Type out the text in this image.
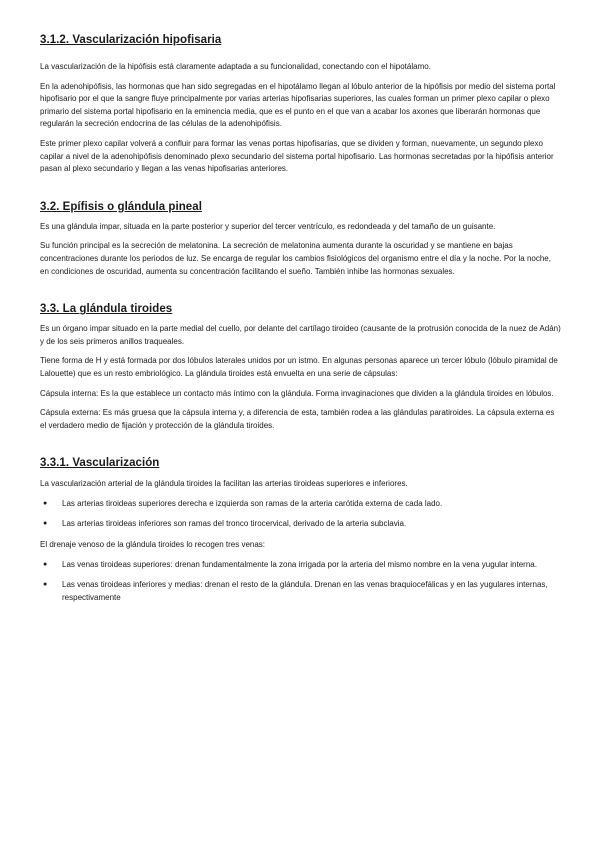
3.1.2. Vascularización hipofisaria

La vascularización de la hipófisis está claramente adaptada a su funcionalidad, conectando con el hipotálamo.

En la adenohipófisis, las hormonas que han sido segregadas en el hipotálamo llegan al lóbulo anterior de la hipófisis por medio del sistema portal hipofisario por el que la sangre fluye principalmente por varias arterias hipofisarias superiores, las cuales forman un primer plexo capilar o plexo primario del sistema portal hipofisario en la eminencia media, que es el punto en el que van a acabar los axones que liberarán hormonas que regularán la secreción endocrina de las células de la adenohipófisis.

Este primer plexo capilar volverá a confluir para formar las venas portas hipofisarias, que se dividen y forman, nuevamente, un segundo plexo capilar a nivel de la adenohipófisis denominado plexo secundario del sistema portal hipofisario. Las hormonas secretadas por la hipófisis anterior pasan al plexo secundario y llegan a las venas hipofisarias anteriores.

3.2. Epífisis o glándula pineal

Es una glándula impar, situada en la parte posterior y superior del tercer ventrículo, es redondeada y del tamaño de un guisante.

Su función principal es la secreción de melatonina. La secreción de melatonina aumenta durante la oscuridad y se mantiene en bajas concentraciones durante los periodos de luz. Se encarga de regular los cambios fisiológicos del organismo entre el día y la noche. Por la noche, en condiciones de oscuridad, aumenta su concentración facilitando el sueño. También inhibe las hormonas sexuales.

3.3. La glándula tiroides

Es un órgano impar situado en la parte medial del cuello, por delante del cartílago tiroideo (causante de la protrusión conocida de la nuez de Adán) y de los seis primeros anillos traqueales.

Tiene forma de H y está formada por dos lóbulos laterales unidos por un istmo. En algunas personas aparece un tercer lóbulo (lóbulo piramidal de Lalouette) que es un resto embriológico. La glándula tiroides está envuelta en una serie de cápsulas:

Cápsula interna: Es la que establece un contacto más íntimo con la glándula. Forma invaginaciones que dividen a la glándula tiroides en lóbulos.

Cápsula externa: Es más gruesa que la cápsula interna y, a diferencia de esta, también rodea a las glándulas paratiroides. La cápsula externa es el verdadero medio de fijación y protección de la glándula tiroides.

3.3.1. Vascularización

La vascularización arterial de la glándula tiroides la facilitan las arterias tiroideas superiores e inferiores.

● Las arterias tiroideas superiores derecha e izquierda son ramas de la arteria carótida externa de cada lado.
● Las arterias tiroideas inferiores son ramas del tronco tirocervical, derivado de la arteria subclavia.

El drenaje venoso de la glándula tiroides lo recogen tres venas:

● Las venas tiroideas superiores: drenan fundamentalmente la zona irrigada por la arteria del mismo nombre en la vena yugular interna.
● Las venas tiroideas inferiores y medias: drenan el resto de la glándula. Drenan en las venas braquiocefálicas y en las yugulares internas, respectivamente
